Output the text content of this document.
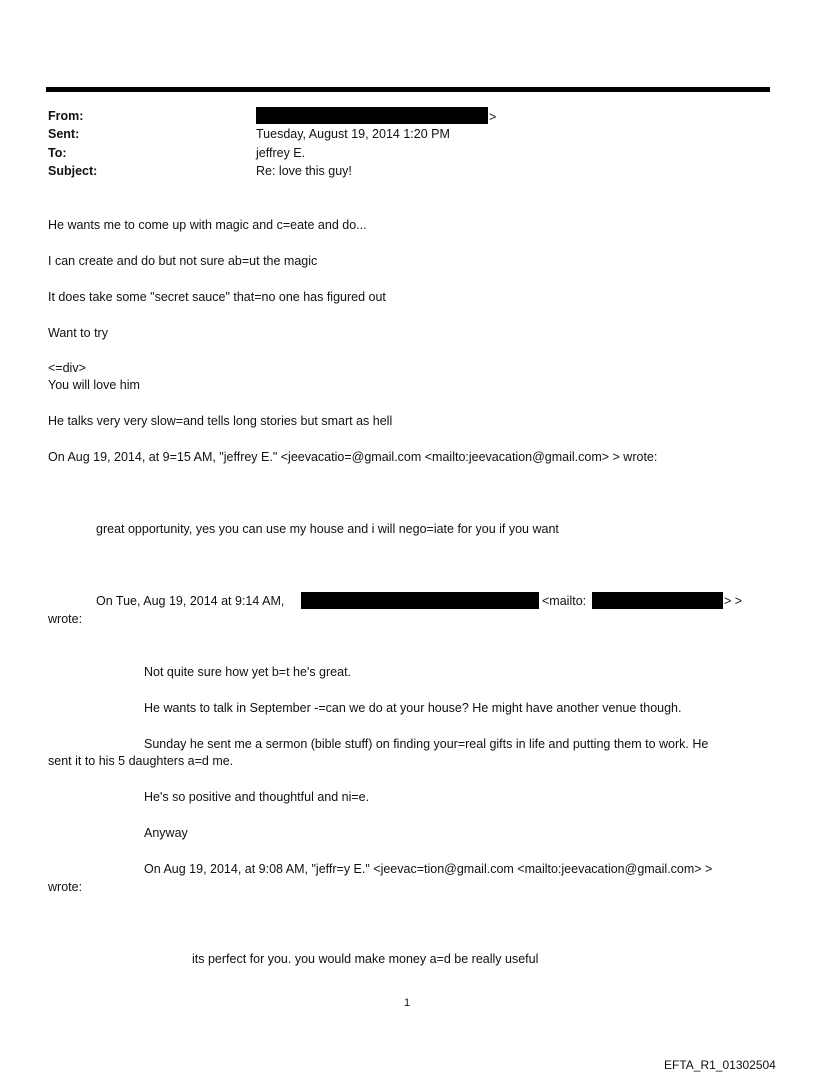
From:	>
Sent:	Tuesday, August 19, 2014 1:20 PM
To:	jeffrey E.
Subject:	Re: love this guy!
He wants me to come up with magic and c=eate and do...
I can create and do but not sure ab=ut the magic
It does take some "secret sauce" that=no one has figured out
Want to try
<=div>
You will love him
He talks very very slow=and tells long stories but smart as hell
On Aug 19, 2014, at 9=15 AM, "jeffrey E." <jeevacatio=@gmail.com <mailto:jeevacation@gmail.com> > wrote:
great opportunity, yes you can use my house and i will nego=iate for you if you want
On Tue, Aug 19, 2014 at 9:14 AM,	<mailto:	> >
wrote:
Not quite sure how yet b=t he's great.
He wants to talk in September -=can we do at your house? He might have another venue though.
Sunday he sent me a sermon (bible stuff) on finding your=real gifts in life and putting them to work. He
sent it to his 5 daughters a=d me.
He's so positive and thoughtful and ni=e.
Anyway
On Aug 19, 2014, at 9:08 AM, "jeffr=y E." <jeevac=tion@gmail.com <mailto:jeevacation@gmail.com> >
wrote:
its perfect for you. you would make money a=d be really useful
1
EFTA_R1_01302504
